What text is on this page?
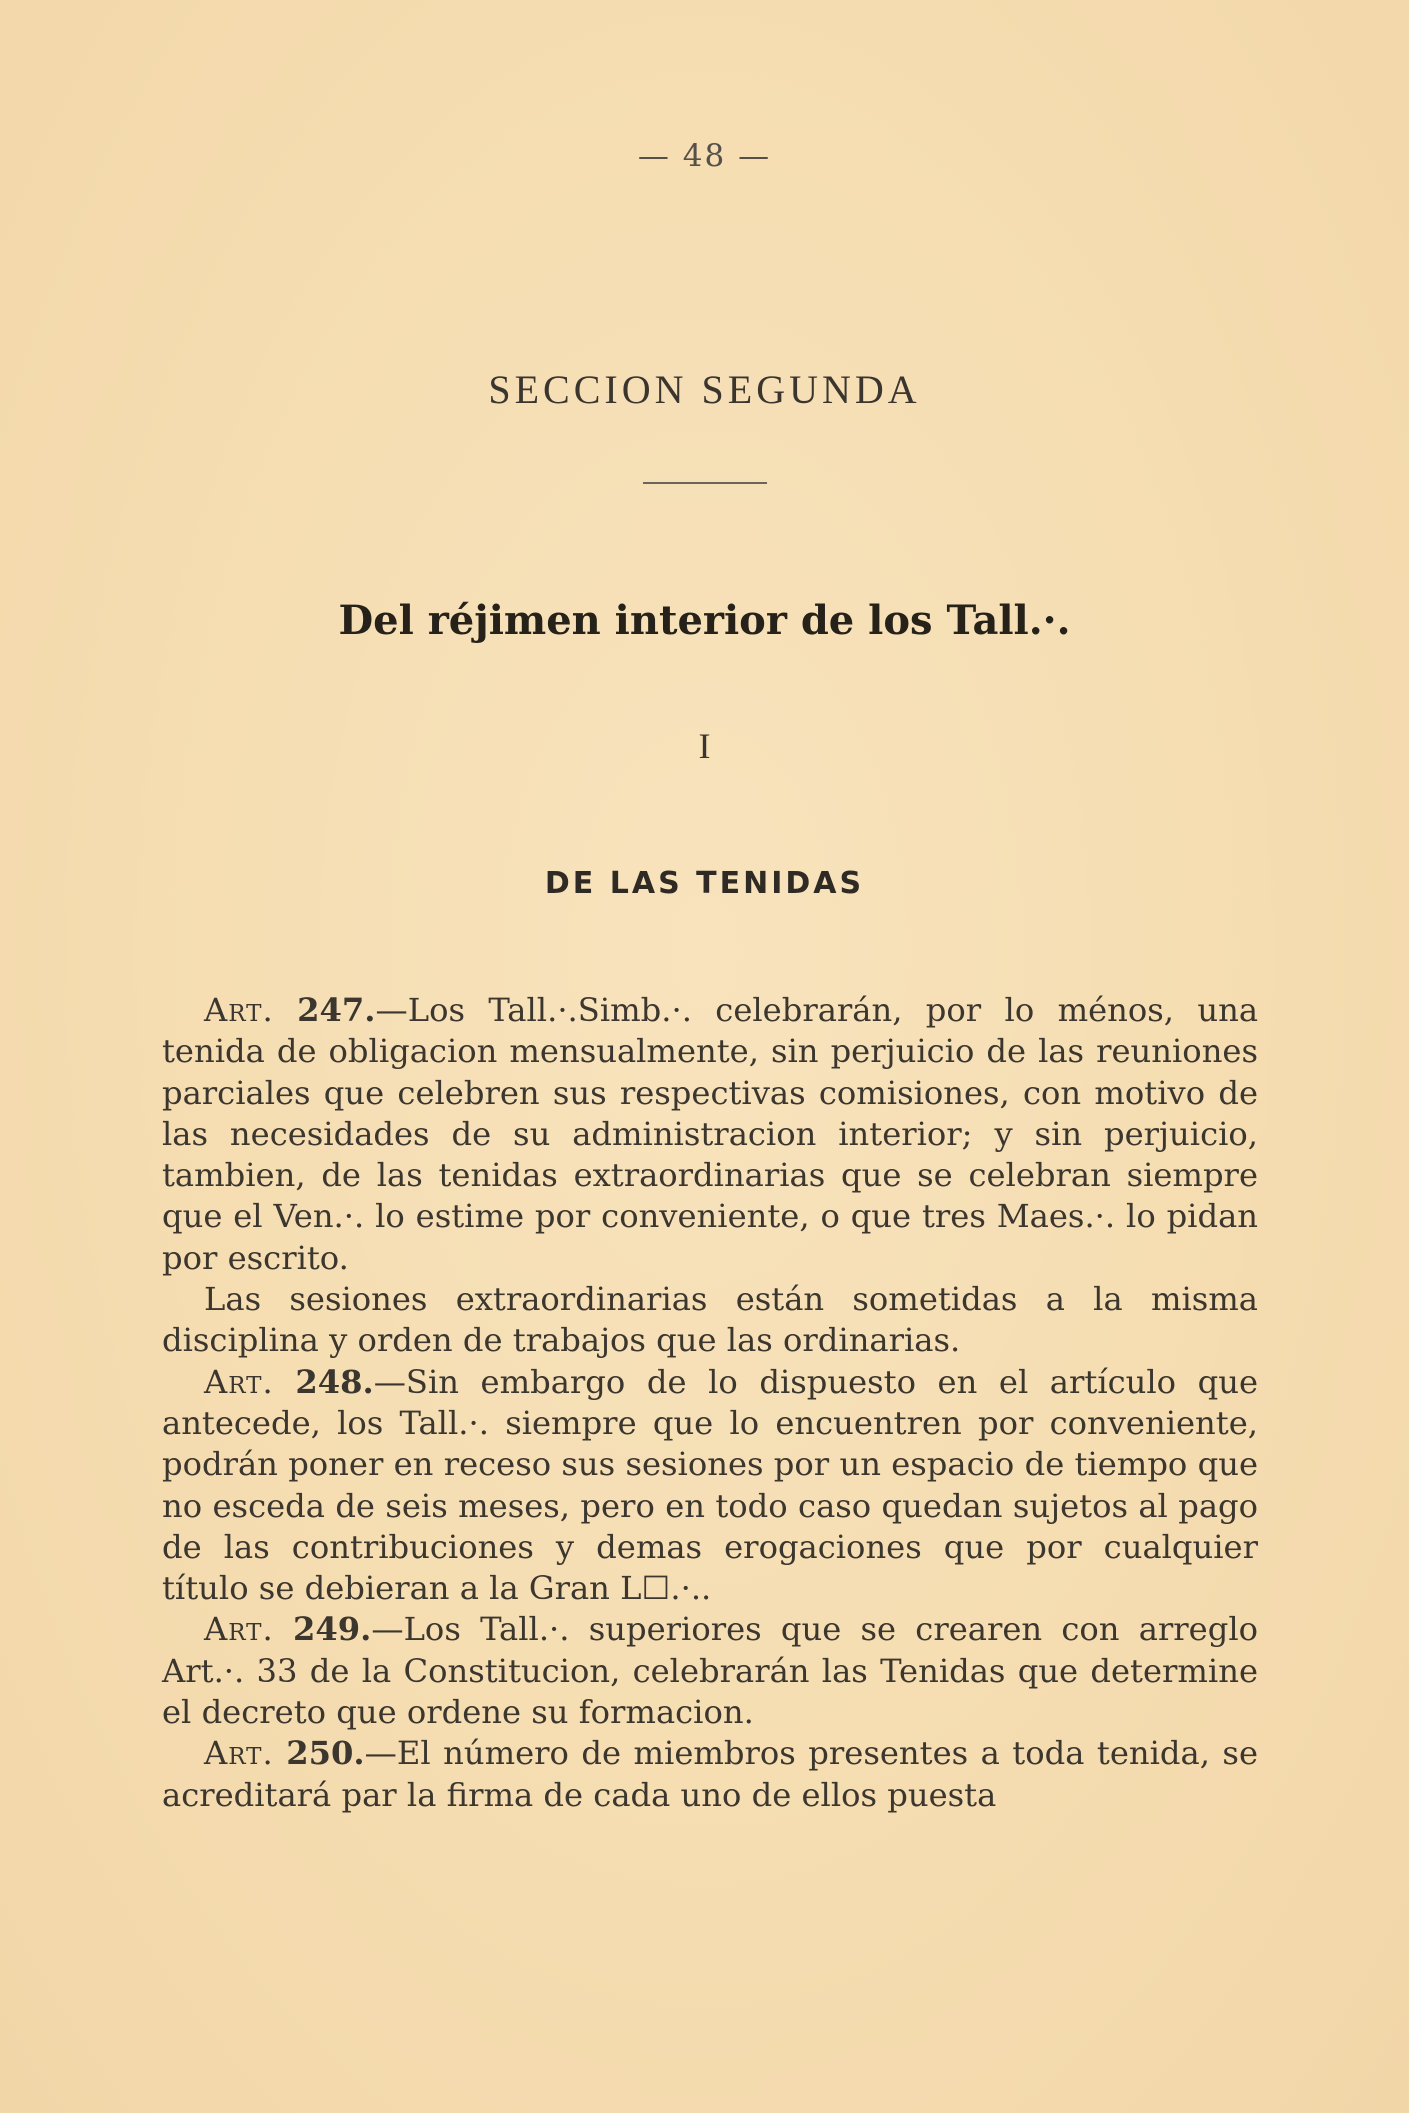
— 48 —
SECCION SEGUNDA
Del réjimen interior de los Tall.·.
I
DE LAS TENIDAS

Art. 247.—Los Tall.·.Simb.·. celebrarán, por lo ménos, una tenida de obligacion mensualmente, sin perjuicio de las reuniones parciales que celebren sus respectivas comisiones, con motivo de las necesidades de su administracion interior; y sin perjuicio, tambien, de las tenidas extraordinarias que se celebran siempre que el Ven.·. lo estime por conveniente, o que tres Maes.·. lo pidan por escrito.

Las sesiones extraordinarias están sometidas a la misma disciplina y orden de trabajos que las ordinarias.

Art. 248.—Sin embargo de lo dispuesto en el artículo que antecede, los Tall.·. siempre que lo encuentren por conveniente, podrán poner en receso sus sesiones por un espacio de tiempo que no esceda de seis meses, pero en todo caso quedan sujetos al pago de las contribuciones y demas erogaciones que por cualquier título se debieran a la Gran L☐.·..

Art. 249.—Los Tall.·. superiores que se crearen con arreglo Art.·. 33 de la Constitucion, celebrarán las Tenidas que determine el decreto que ordene su formacion.

Art. 250.—El número de miembros presentes a toda tenida, se acreditará par la firma de cada uno de ellos puesta
